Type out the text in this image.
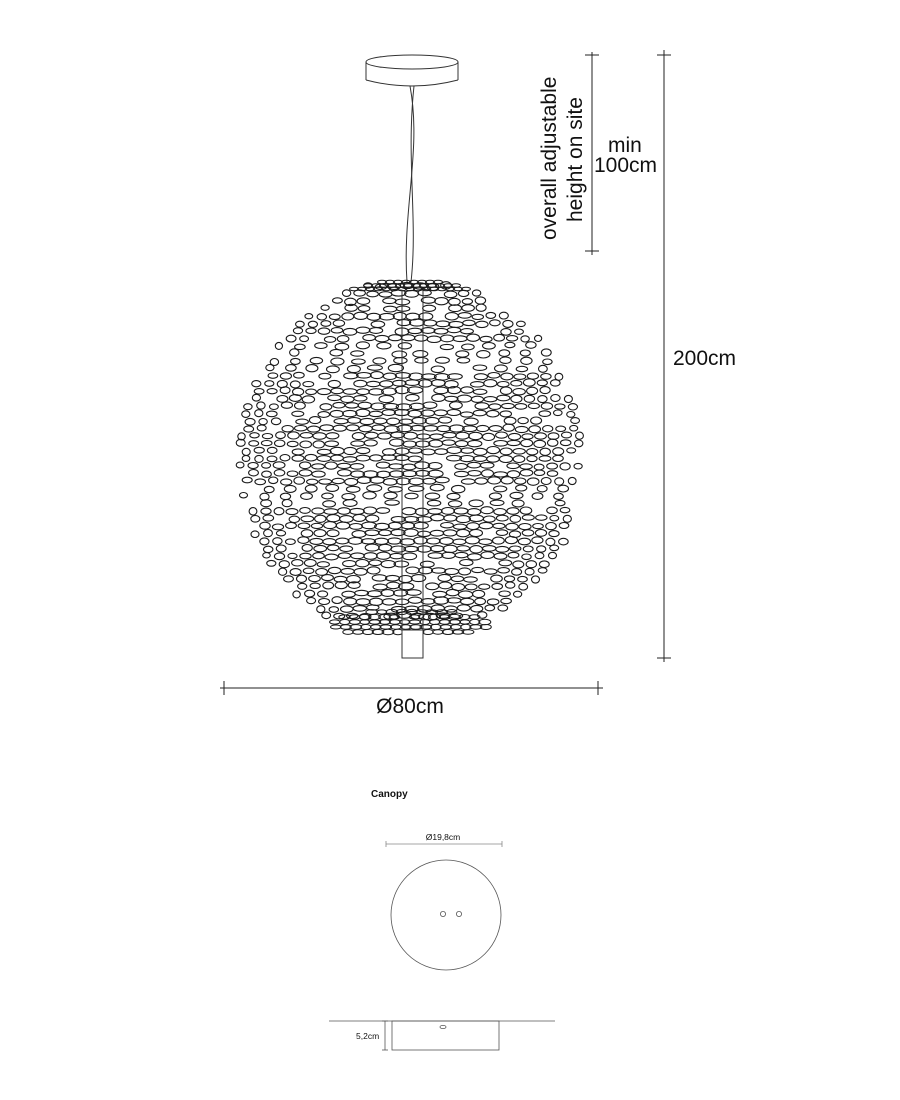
overall adjustable height on site min
100cm
200cm
Ø80cm
Canopy
Ø19,8cm
5,2cm
